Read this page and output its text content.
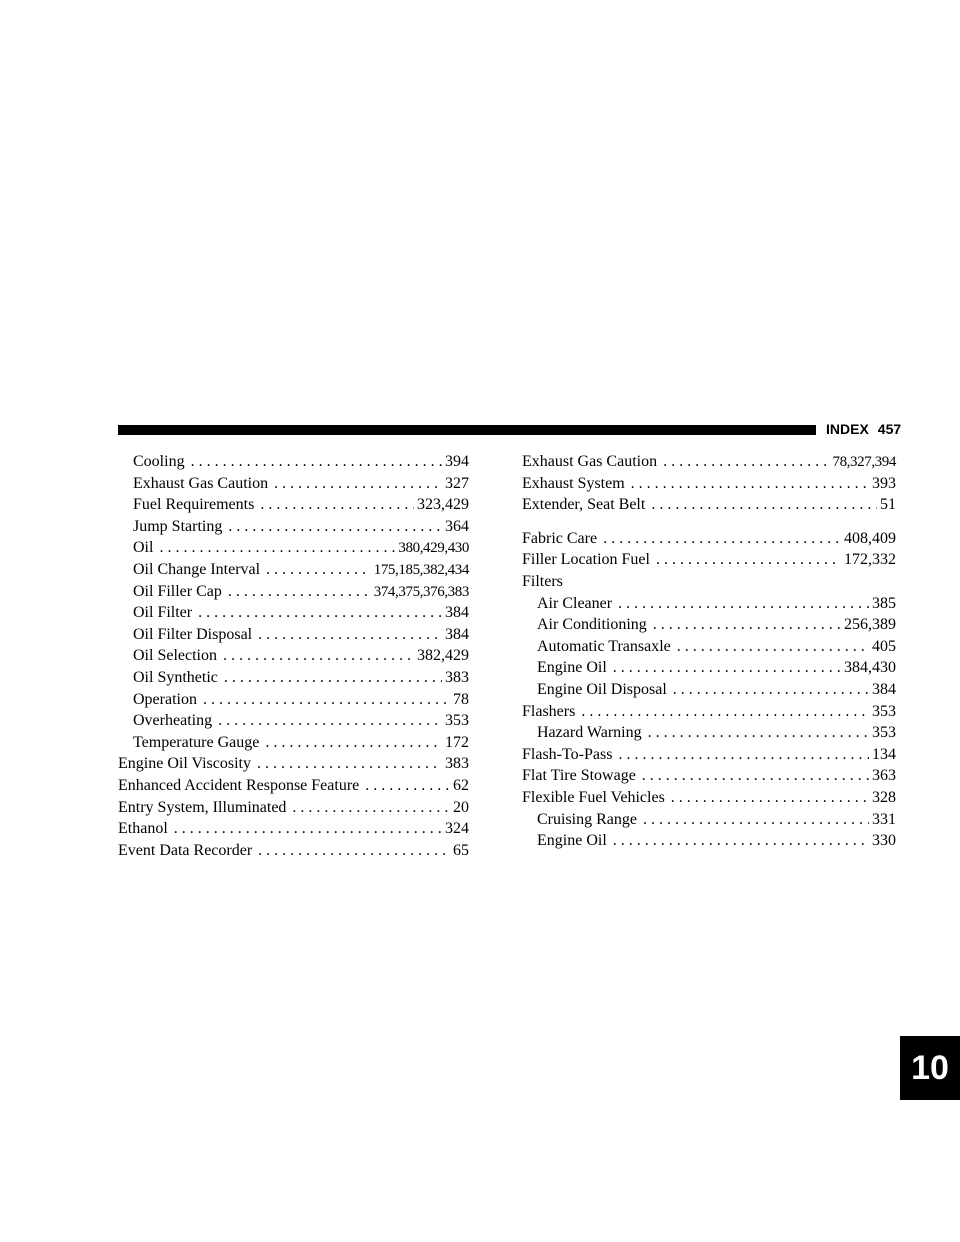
INDEX 457
Cooling . . .	394
Exhaust Gas Caution . . .	327
Fuel Requirements . . .	323,429
Jump Starting . . .	364
Oil . . .	380,429,430
Oil Change Interval . . .	175,185,382,434
Oil Filler Cap . . .	374,375,376,383
Oil Filter . . .	384
Oil Filter Disposal . . .	384
Oil Selection . . .	382,429
Oil Synthetic . . .	383
Operation . . .	78
Overheating . . .	353
Temperature Gauge . . .	172
Engine Oil Viscosity . . .	383
Enhanced Accident Response Feature . . .	62
Entry System, Illuminated . . .	20
Ethanol . . .	324
Event Data Recorder . . .	65
Exhaust Gas Caution . . .	78,327,394
Exhaust System . . .	393
Extender, Seat Belt . . .	51
Fabric Care . . .	408,409
Filler Location Fuel . . .	172,332
Filters
Air Cleaner . . .	385
Air Conditioning . . .	256,389
Automatic Transaxle . . .	405
Engine Oil . . .	384,430
Engine Oil Disposal . . .	384
Flashers . . .	353
Hazard Warning . . .	353
Flash-To-Pass . . .	134
Flat Tire Stowage . . .	363
Flexible Fuel Vehicles . . .	328
Cruising Range . . .	331
Engine Oil . . .	330
10
